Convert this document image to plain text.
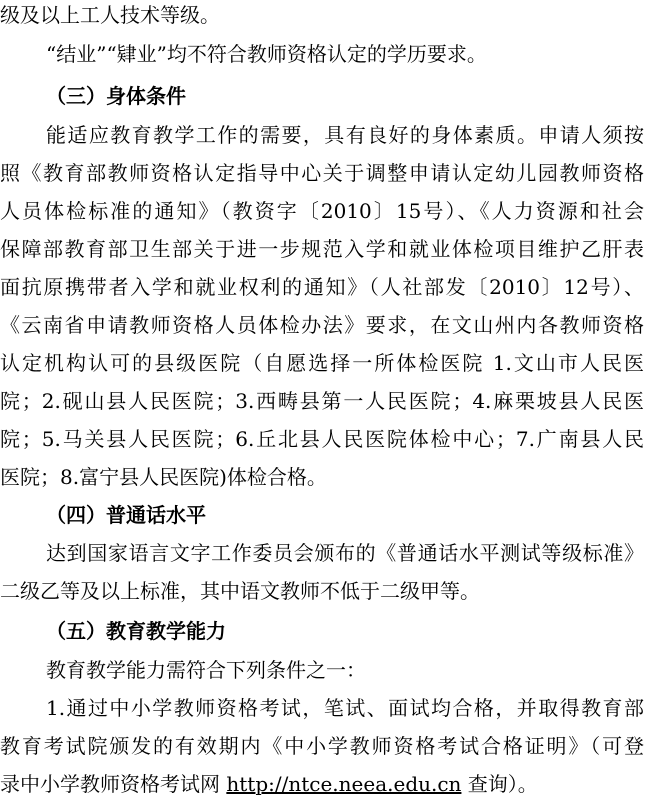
级及以上工人技术等级。
“结业”“肄业”均不符合教师资格认定的学历要求。
（三）身体条件
能适应教育教学工作的需要，具有良好的身体素质。申请人须按
照《教育部教师资格认定指导中心关于调整申请认定幼儿园教师资格
人员体检标准的通知》（教资字〔2010〕15号）、《人力资源和社会
保障部教育部卫生部关于进一步规范入学和就业体检项目维护乙肝表
面抗原携带者入学和就业权利的通知》（人社部发〔2010〕12号）、
《云南省申请教师资格人员体检办法》要求，在文山州内各教师资格
认定机构认可的县级医院（自愿选择一所体检医院 1.文山市人民医
院；2.砚山县人民医院；3.西畴县第一人民医院；4.麻栗坡县人民医
院；5.马关县人民医院；6.丘北县人民医院体检中心；7.广南县人民
医院；8.富宁县人民医院)体检合格。
（四）普通话水平
达到国家语言文字工作委员会颁布的《普通话水平测试等级标准》
二级乙等及以上标准，其中语文教师不低于二级甲等。
（五）教育教学能力
教育教学能力需符合下列条件之一：
1.通过中小学教师资格考试，笔试、面试均合格，并取得教育部
教育考试院颁发的有效期内《中小学教师资格考试合格证明》（可登
录中小学教师资格考试网 http://ntce.neea.edu.cn 查询）。
